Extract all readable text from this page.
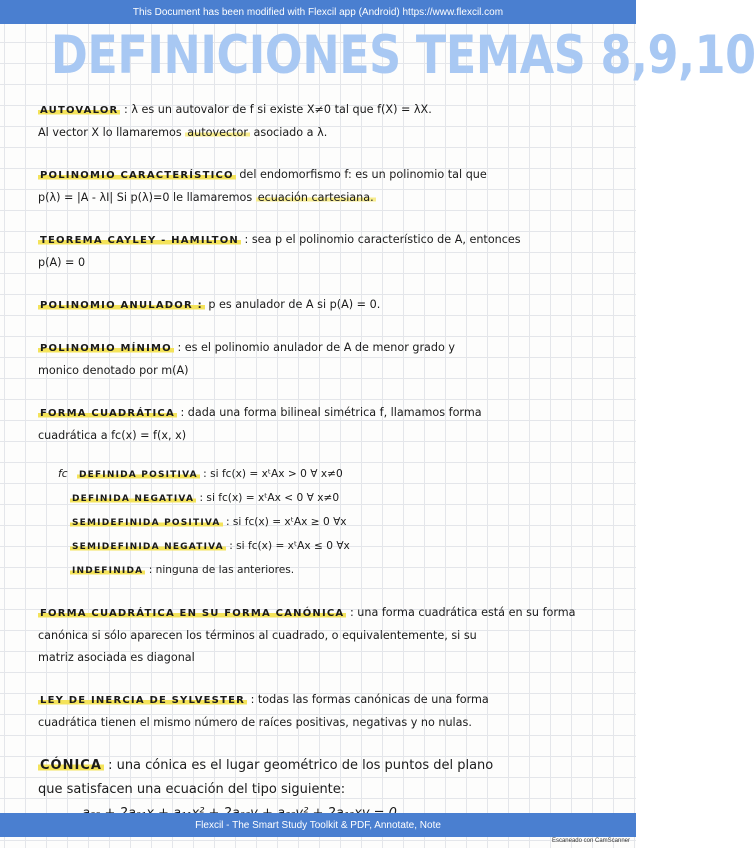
This Document has been modified with Flexcil app (Android) https://www.flexcil.com
DEFINICIONES TEMAS 8,9,10
AUTOVALOR : λ es un autovalor de f si existe X≠0 tal que f(X) = λX.
Al vector X lo llamaremos autovector asociado a λ.
POLINOMIO CARACTERÍSTICO del endomorfismo f: es un polinomio tal que
p(λ) = |A - λI| Si p(λ)=0 le llamaremos ecuación cartesiana.
TEOREMA CAYLEY - HAMILTON : sea p el polinomio característico de A, entonces
p(A) = 0
POLINOMIO ANULADOR : p es anulador de A si p(A) = 0.
POLINOMIO MÍNIMO : es el polinomio anulador de A de menor grado y
monico denotado por m(A)
FORMA CUADRÁTICA : dada una forma bilineal simétrica f, llamamos forma
cuadrática a fc(x) = f(x, x)
fc DEFINIDA POSITIVA : si fc(x) = xᵗAx > 0 ∀ x≠0
DEFINIDA NEGATIVA : si fc(x) = xᵗAx < 0 ∀ x≠0
SEMIDEFINIDA POSITIVA : si fc(x) = xᵗAx ≥ 0 ∀x
SEMIDEFINIDA NEGATIVA : si fc(x) = xᵗAx ≤ 0 ∀x
INDEFINIDA : ninguna de las anteriores.
FORMA CUADRÁTICA EN SU FORMA CANÓNICA : una forma cuadrática está en su forma
canónica si sólo aparecen los términos al cuadrado, o equivalentemente, si su
matriz asociada es diagonal
LEY DE INERCIA DE SYLVESTER : todas las formas canónicas de una forma
cuadrática tienen el mismo número de raíces positivas, negativas y no nulas.
CÓNICA : una cónica es el lugar geométrico de los puntos del plano
que satisfacen una ecuación del tipo siguiente:
Flexcil - The Smart Study Toolkit & PDF, Annotate, Note
Escaneado con CamScanner
